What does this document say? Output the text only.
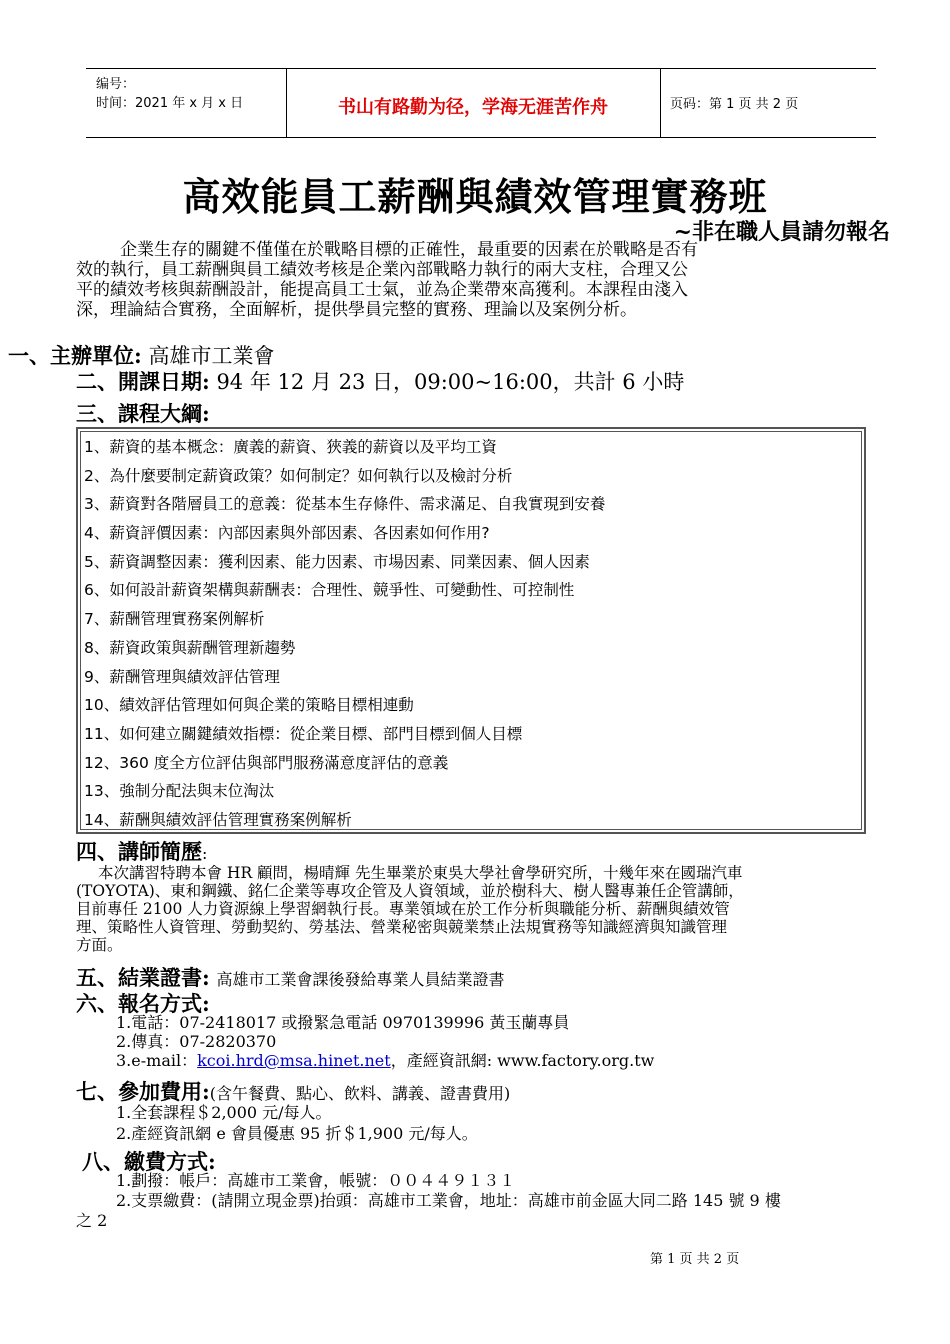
编号：
时间：2021 年 x 月 x 日	书山有路勤为径，学海无涯苦作舟	页码：第 1 页 共 2 页
高效能員工薪酬與績效管理實務班
~非在職人員請勿報名
企業生存的關鍵不僅僅在於戰略目標的正確性，最重要的因素在於戰略是否有
效的執行，員工薪酬與員工績效考核是企業內部戰略力執行的兩大支柱，合理又公
平的績效考核與薪酬設計，能提高員工士氣，並為企業帶來高獲利。本課程由淺入
深，理論結合實務，全面解析，提供學員完整的實務、理論以及案例分析。
一、主辦單位: 高雄市工業會
二、開課日期: 94 年 12 月 23 日，09:00~16:00，共計 6 小時
三、課程大綱:
1、薪資的基本概念：廣義的薪資、狹義的薪資以及平均工資
2、為什麼要制定薪資政策？如何制定？如何執行以及檢討分析
3、薪資對各階層員工的意義：從基本生存條件、需求滿足、自我實現到安養
4、薪資評價因素：內部因素與外部因素、各因素如何作用?
5、薪資調整因素：獲利因素、能力因素、市場因素、同業因素、個人因素
6、如何設計薪資架構與薪酬表：合理性、競爭性、可變動性、可控制性
7、薪酬管理實務案例解析
8、薪資政策與薪酬管理新趨勢
9、薪酬管理與績效評估管理
10、績效評估管理如何與企業的策略目標相連動
11、如何建立關鍵績效指標：從企業目標、部門目標到個人目標
12、360 度全方位評估與部門服務滿意度評估的意義
13、強制分配法與末位淘汰
14、薪酬與績效評估管理實務案例解析
四、講師簡歷:
本次講習特聘本會 HR 顧問，楊晴輝 先生畢業於東吳大學社會學研究所，十幾年來在國瑞汽車
(TOYOTA)、東和鋼鐵、銘仁企業等專攻企管及人資領域，並於樹科大、樹人醫專兼任企管講師，
目前專任 2100 人力資源線上學習網執行長。專業領域在於工作分析與職能分析、薪酬與績效管
理、策略性人資管理、勞動契約、勞基法、營業秘密與競業禁止法規實務等知識經濟與知識管理
方面。
五、結業證書: 高雄市工業會課後發給專業人員結業證書
六、報名方式:
1.電話：07-2418017 或撥緊急電話 0970139996 黃玉蘭專員
2.傳真：07-2820370
3.e-mail：kcoi.hrd@msa.hinet.net，產經資訊網: www.factory.org.tw
七、參加費用:(含午餐費、點心、飲料、講義、證書費用)
1.全套課程＄2,000 元/每人。
2.產經資訊網 e 會員優惠 95 折＄1,900 元/每人。
八、繳費方式:
1.劃撥：帳戶：高雄市工業會，帳號：００４４９１３１
2.支票繳費：(請開立現金票)抬頭：高雄市工業會，地址：高雄市前金區大同二路 145 號 9 樓
之 2
第 1 页 共 2 页
